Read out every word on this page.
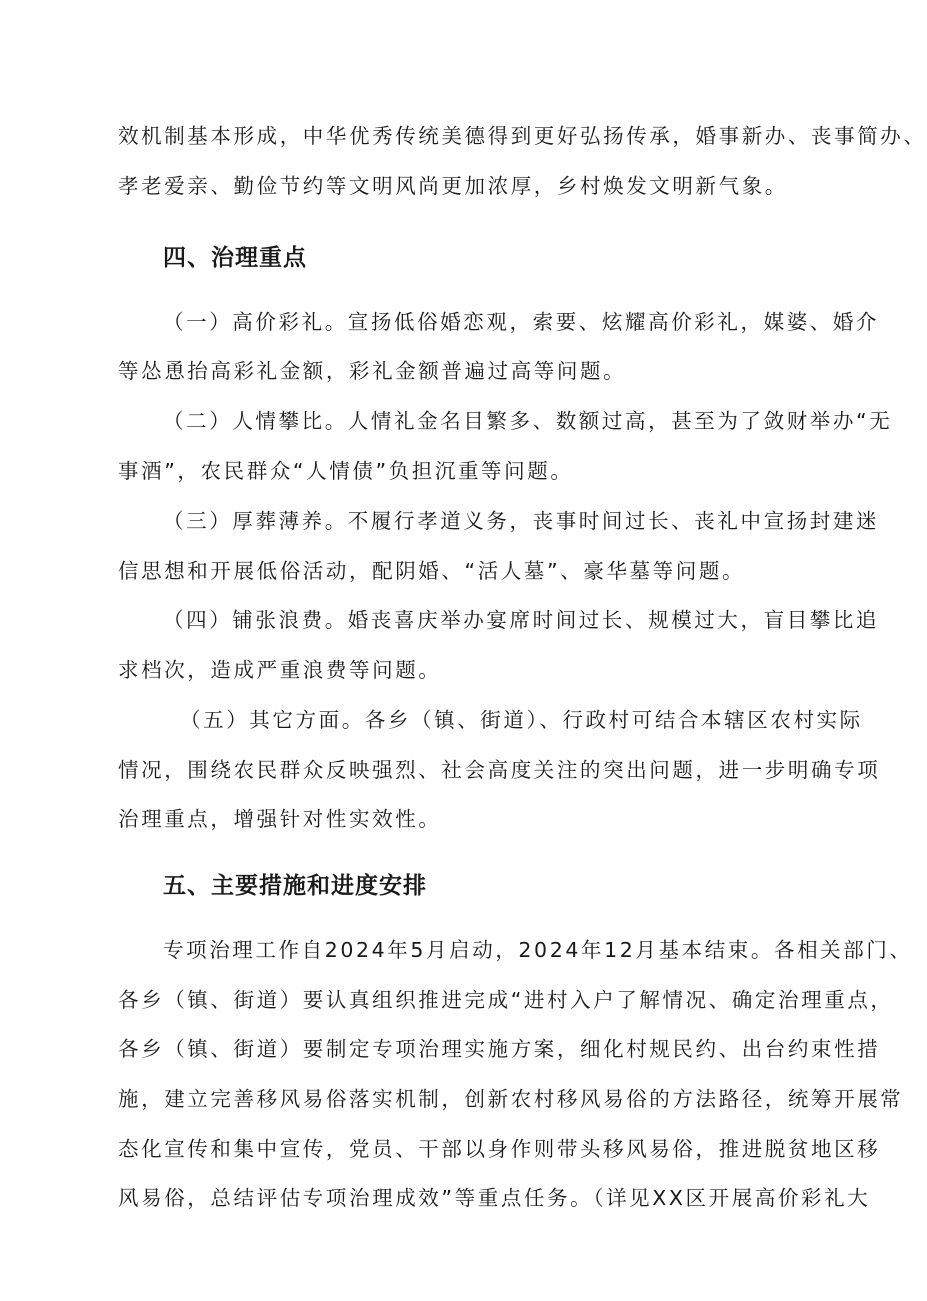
效机制基本形成，中华优秀传统美德得到更好弘扬传承，婚事新办、丧事简办、
孝老爱亲、勤俭节约等文明风尚更加浓厚，乡村焕发文明新气象。
四、治理重点
（一）高价彩礼。宣扬低俗婚恋观，索要、炫耀高价彩礼，媒婆、婚介
等怂恿抬高彩礼金额，彩礼金额普遍过高等问题。
（二）人情攀比。人情礼金名目繁多、数额过高，甚至为了敛财举办“无
事酒”，农民群众“人情债”负担沉重等问题。
（三）厚葬薄养。不履行孝道义务，丧事时间过长、丧礼中宣扬封建迷
信思想和开展低俗活动，配阴婚、“活人墓”、豪华墓等问题。
（四）铺张浪费。婚丧喜庆举办宴席时间过长、规模过大，盲目攀比追
求档次，造成严重浪费等问题。
（五）其它方面。各乡（镇、街道）、行政村可结合本辖区农村实际
情况，围绕农民群众反映强烈、社会高度关注的突出问题，进一步明确专项
治理重点，增强针对性实效性。
五、主要措施和进度安排
专项治理工作自2024年5月启动，2024年12月基本结束。各相关部门、
各乡（镇、街道）要认真组织推进完成“进村入户了解情况、确定治理重点，
各乡（镇、街道）要制定专项治理实施方案，细化村规民约、出台约束性措
施，建立完善移风易俗落实机制，创新农村移风易俗的方法路径，统筹开展常
态化宣传和集中宣传，党员、干部以身作则带头移风易俗，推进脱贫地区移
风易俗，总结评估专项治理成效”等重点任务。（详见XX区开展高价彩礼大
